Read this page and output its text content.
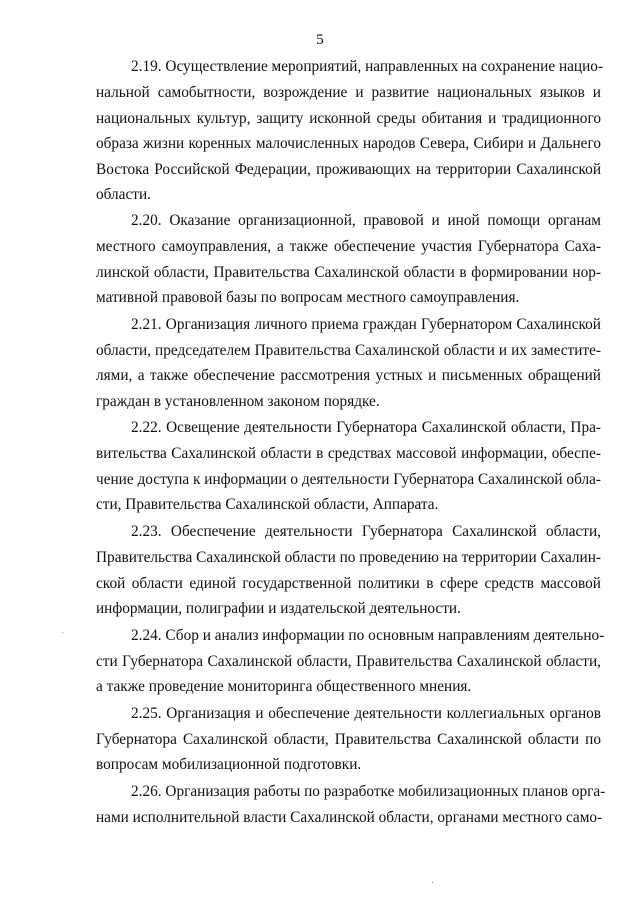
5
2.19. Осуществление мероприятий, направленных на сохранение нацио-
нальной самобытности, возрождение и развитие национальных языков и
национальных культур, защиту исконной среды обитания и традиционного
образа жизни коренных малочисленных народов Севера, Сибири и Дальнего
Востока Российской Федерации, проживающих на территории Сахалинской
области.
2.20. Оказание организационной, правовой и иной помощи органам
местного самоуправления, а также обеспечение участия Губернатора Саха-
линской области, Правительства Сахалинской области в формировании нор-
мативной правовой базы по вопросам местного самоуправления.
2.21. Организация личного приема граждан Губернатором Сахалинской
области, председателем Правительства Сахалинской области и их заместите-
лями, а также обеспечение рассмотрения устных и письменных обращений
граждан в установленном законом порядке.
2.22. Освещение деятельности Губернатора Сахалинской области, Пра-
вительства Сахалинской области в средствах массовой информации, обеспе-
чение доступа к информации о деятельности Губернатора Сахалинской обла-
сти, Правительства Сахалинской области, Аппарата.
2.23. Обеспечение деятельности Губернатора Сахалинской области,
Правительства Сахалинской области по проведению на территории Сахалин-
ской области единой государственной политики в сфере средств массовой
информации, полиграфии и издательской деятельности.
2.24. Сбор и анализ информации по основным направлениям деятельно-
сти Губернатора Сахалинской области, Правительства Сахалинской области,
а также проведение мониторинга общественного мнения.
2.25. Организация и обеспечение деятельности коллегиальных органов
Губернатора Сахалинской области, Правительства Сахалинской области по
вопросам мобилизационной подготовки.
2.26. Организация работы по разработке мобилизационных планов орга-
нами исполнительной власти Сахалинской области, органами местного само-
